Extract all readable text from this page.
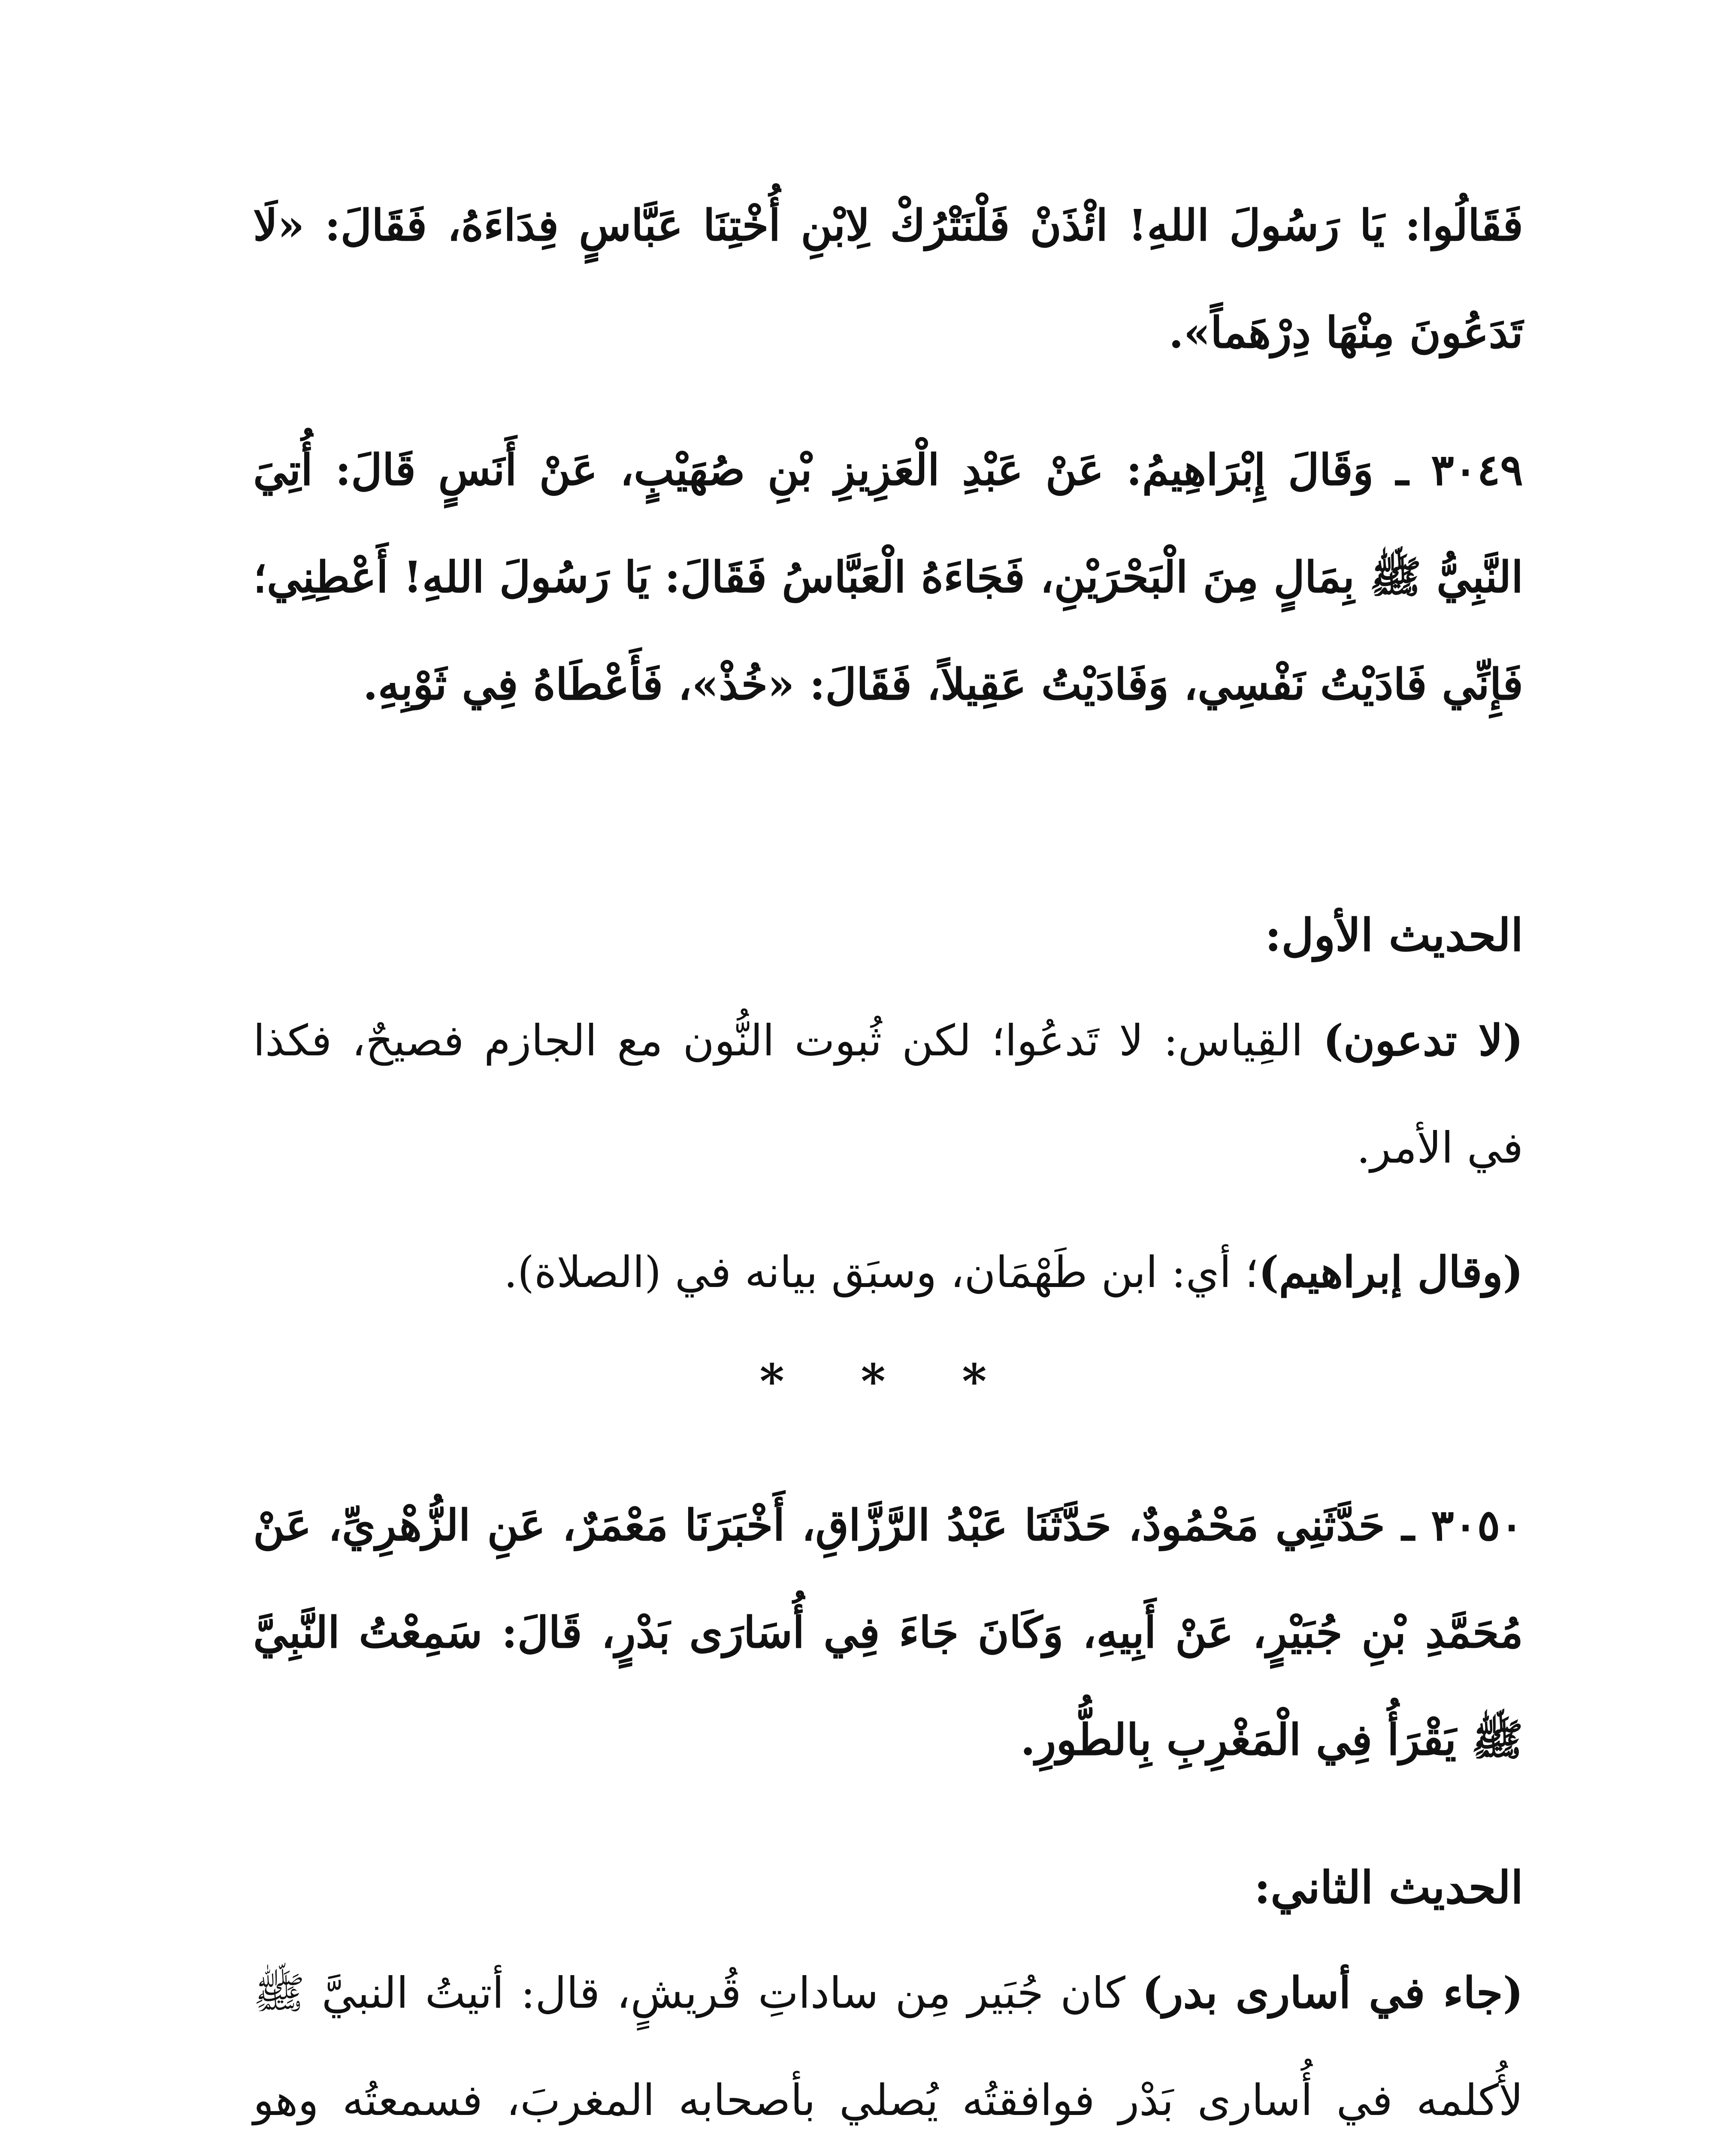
فَقَالُوا: يَا رَسُولَ اللهِ! ائْذَنْ فَلْنَتْرُكْ لِابْنِ أُخْتِنَا عَبَّاسٍ فِدَاءَهُ، فَقَالَ: «لَا تَدَعُونَ مِنْهَا دِرْهَماً».

٣٠٤٩ ـ وَقَالَ إِبْرَاهِيمُ: عَنْ عَبْدِ الْعَزِيزِ بْنِ صُهَيْبٍ، عَنْ أَنَسٍ قَالَ: أُتِيَ النَّبِيُّ ﷺ بِمَالٍ مِنَ الْبَحْرَيْنِ، فَجَاءَهُ الْعَبَّاسُ فَقَالَ: يَا رَسُولَ اللهِ! أَعْطِنِي؛ فَإِنِّي فَادَيْتُ نَفْسِي، وَفَادَيْتُ عَقِيلاً، فَقَالَ: «خُذْ»، فَأَعْطَاهُ فِي ثَوْبِهِ.

الحديث الأول:

(لا تدعون) القِياس: لا تَدعُوا؛ لكن ثُبوت النُّون مع الجازم فصيحٌ، فكذا في الأمر.

(وقال إبراهيم)؛ أي: ابن طَهْمَان، وسبَق بيانه في (الصلاة).

* * *

٣٠٥٠ ـ حَدَّثَنِي مَحْمُودٌ، حَدَّثَنَا عَبْدُ الرَّزَّاقِ، أَخْبَرَنَا مَعْمَرٌ، عَنِ الزُّهْرِيِّ، عَنْ مُحَمَّدِ بْنِ جُبَيْرٍ، عَنْ أَبِيهِ، وَكَانَ جَاءَ فِي أُسَارَى بَدْرٍ، قَالَ: سَمِعْتُ النَّبِيَّ ﷺ يَقْرَأُ فِي الْمَغْرِبِ بِالطُّورِ.

الحديث الثاني:

(جاء في أسارى بدر) كان جُبَير مِن ساداتِ قُريشٍ، قال: أتيتُ النبيَّ ﷺ لأُكلمه في أُسارى بَدْر فوافقتُه يُصلي بأصحابه المغربَ، فسمعتُه وهو
